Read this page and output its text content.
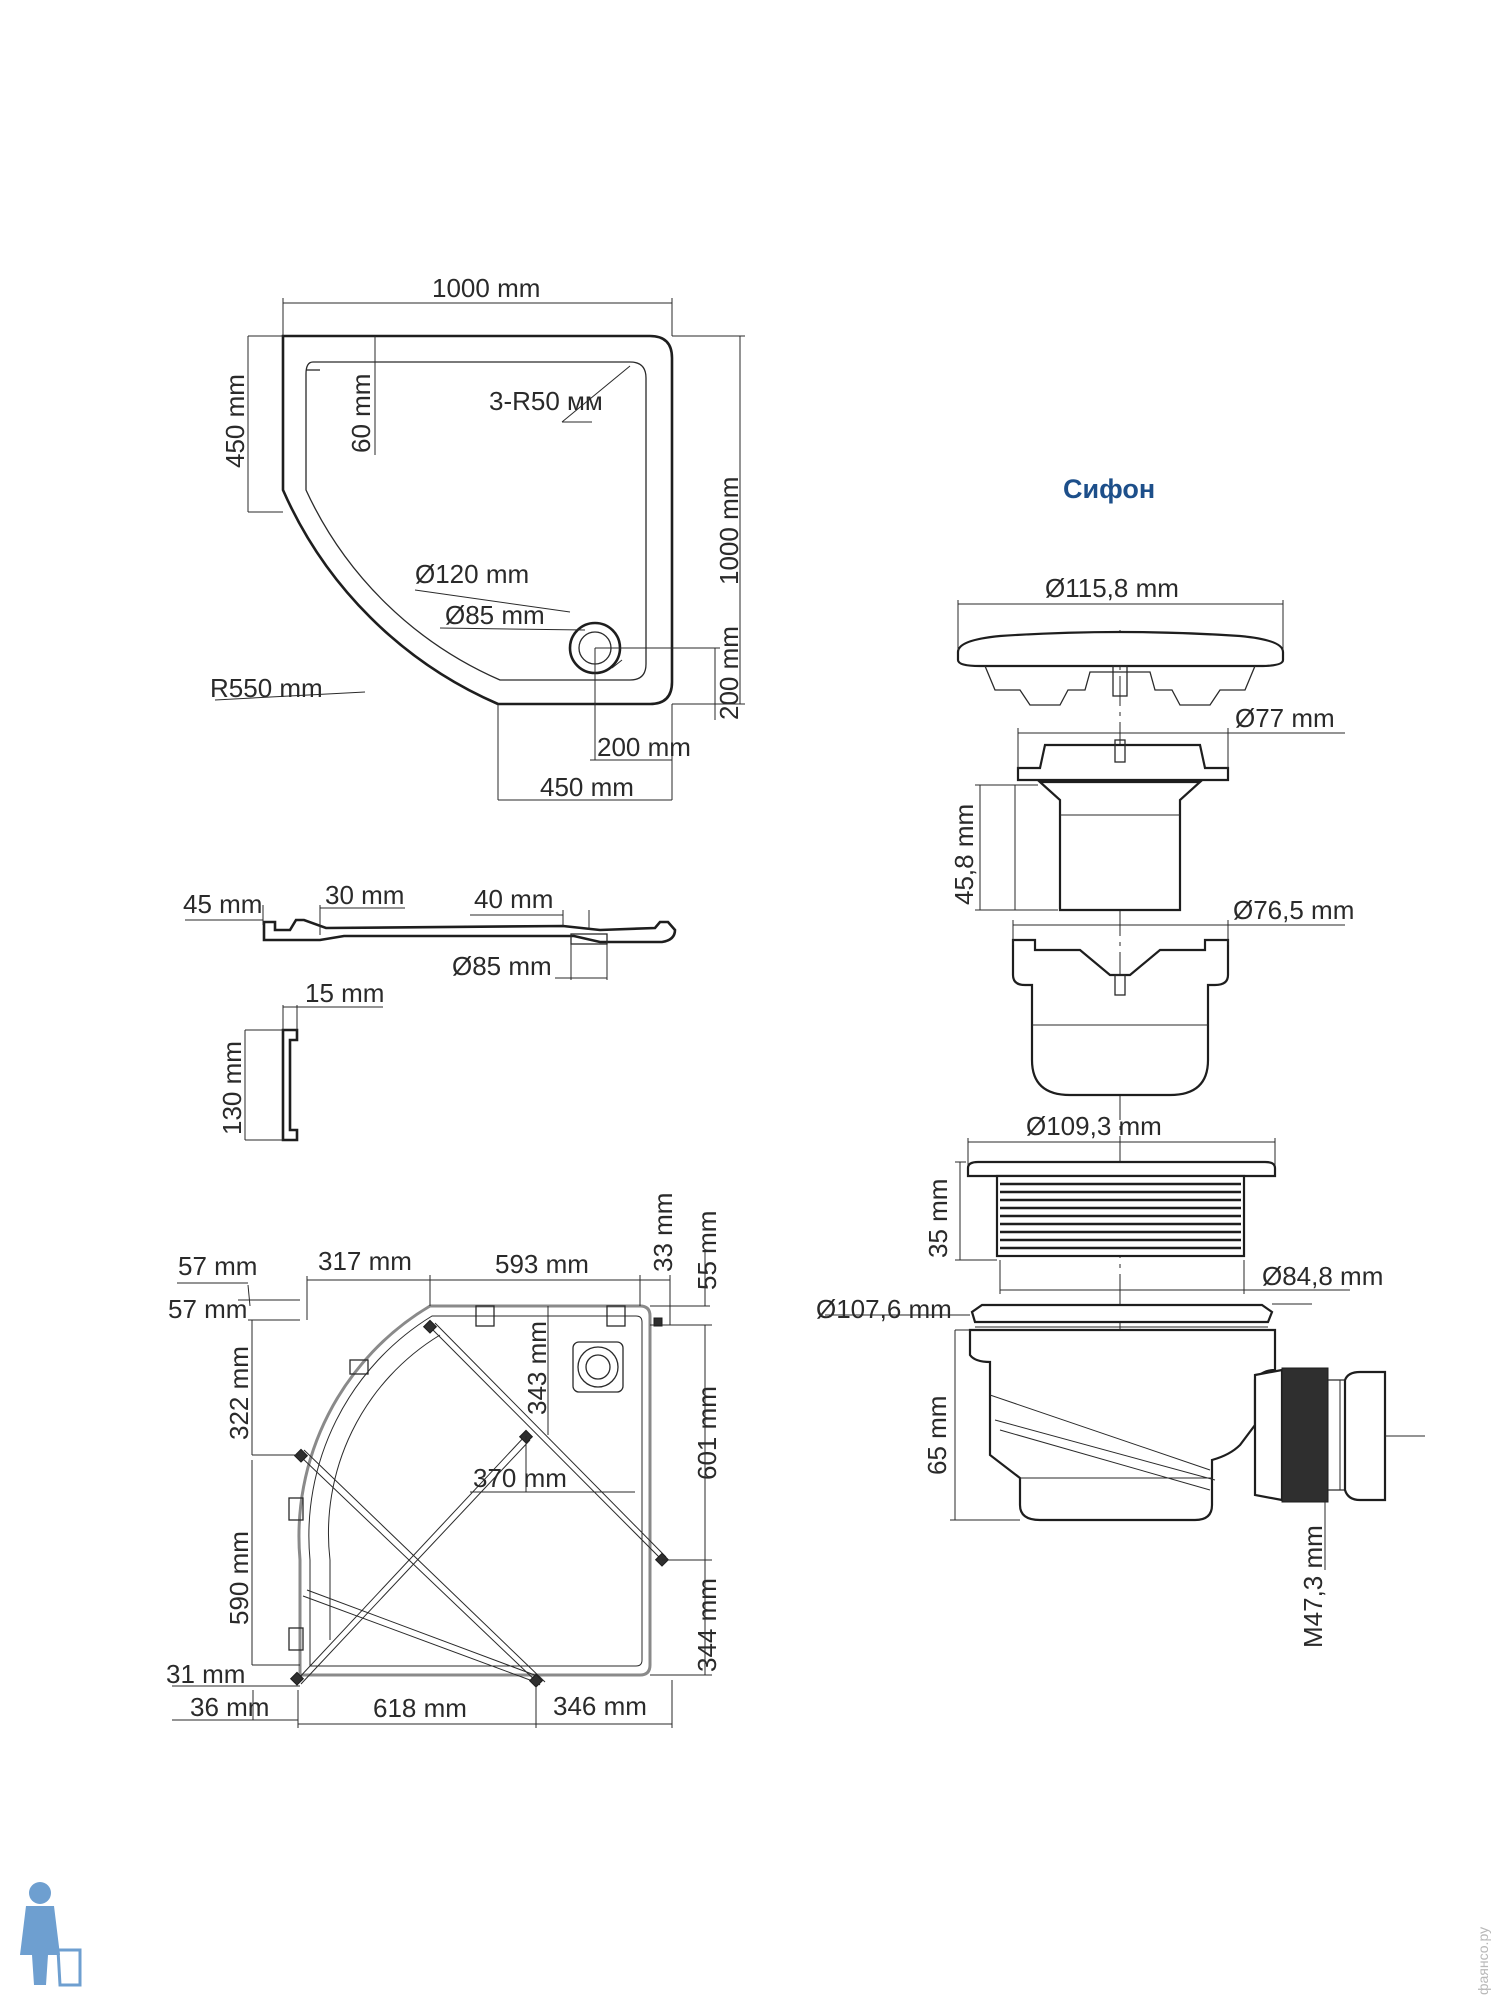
1000 mm
1000 mm
450 mm	60 mm	3-R50 мм
Ø120 mm
Ø85 mm
R550 mm	200 mm
200 mm
450 mm
45 mm 30 mm	40 mm
Ø85 mm
15 mm
130 mm
57 mm 317 mm	593 mm 33 mm 55 mm
57 mm
322 mm	343 mm
601 mm
370 mm
590 mm
344 mm
31 mm
36 mm	618 mm	346 mm
Сифон
Ø115,8 mm
Ø77 mm
45,8 mm
Ø76,5 mm
Ø109,3 mm
35 mm
Ø84,8 mm
Ø107,6 mm
65 mm
M47,3 mm
фаянсо.ру
